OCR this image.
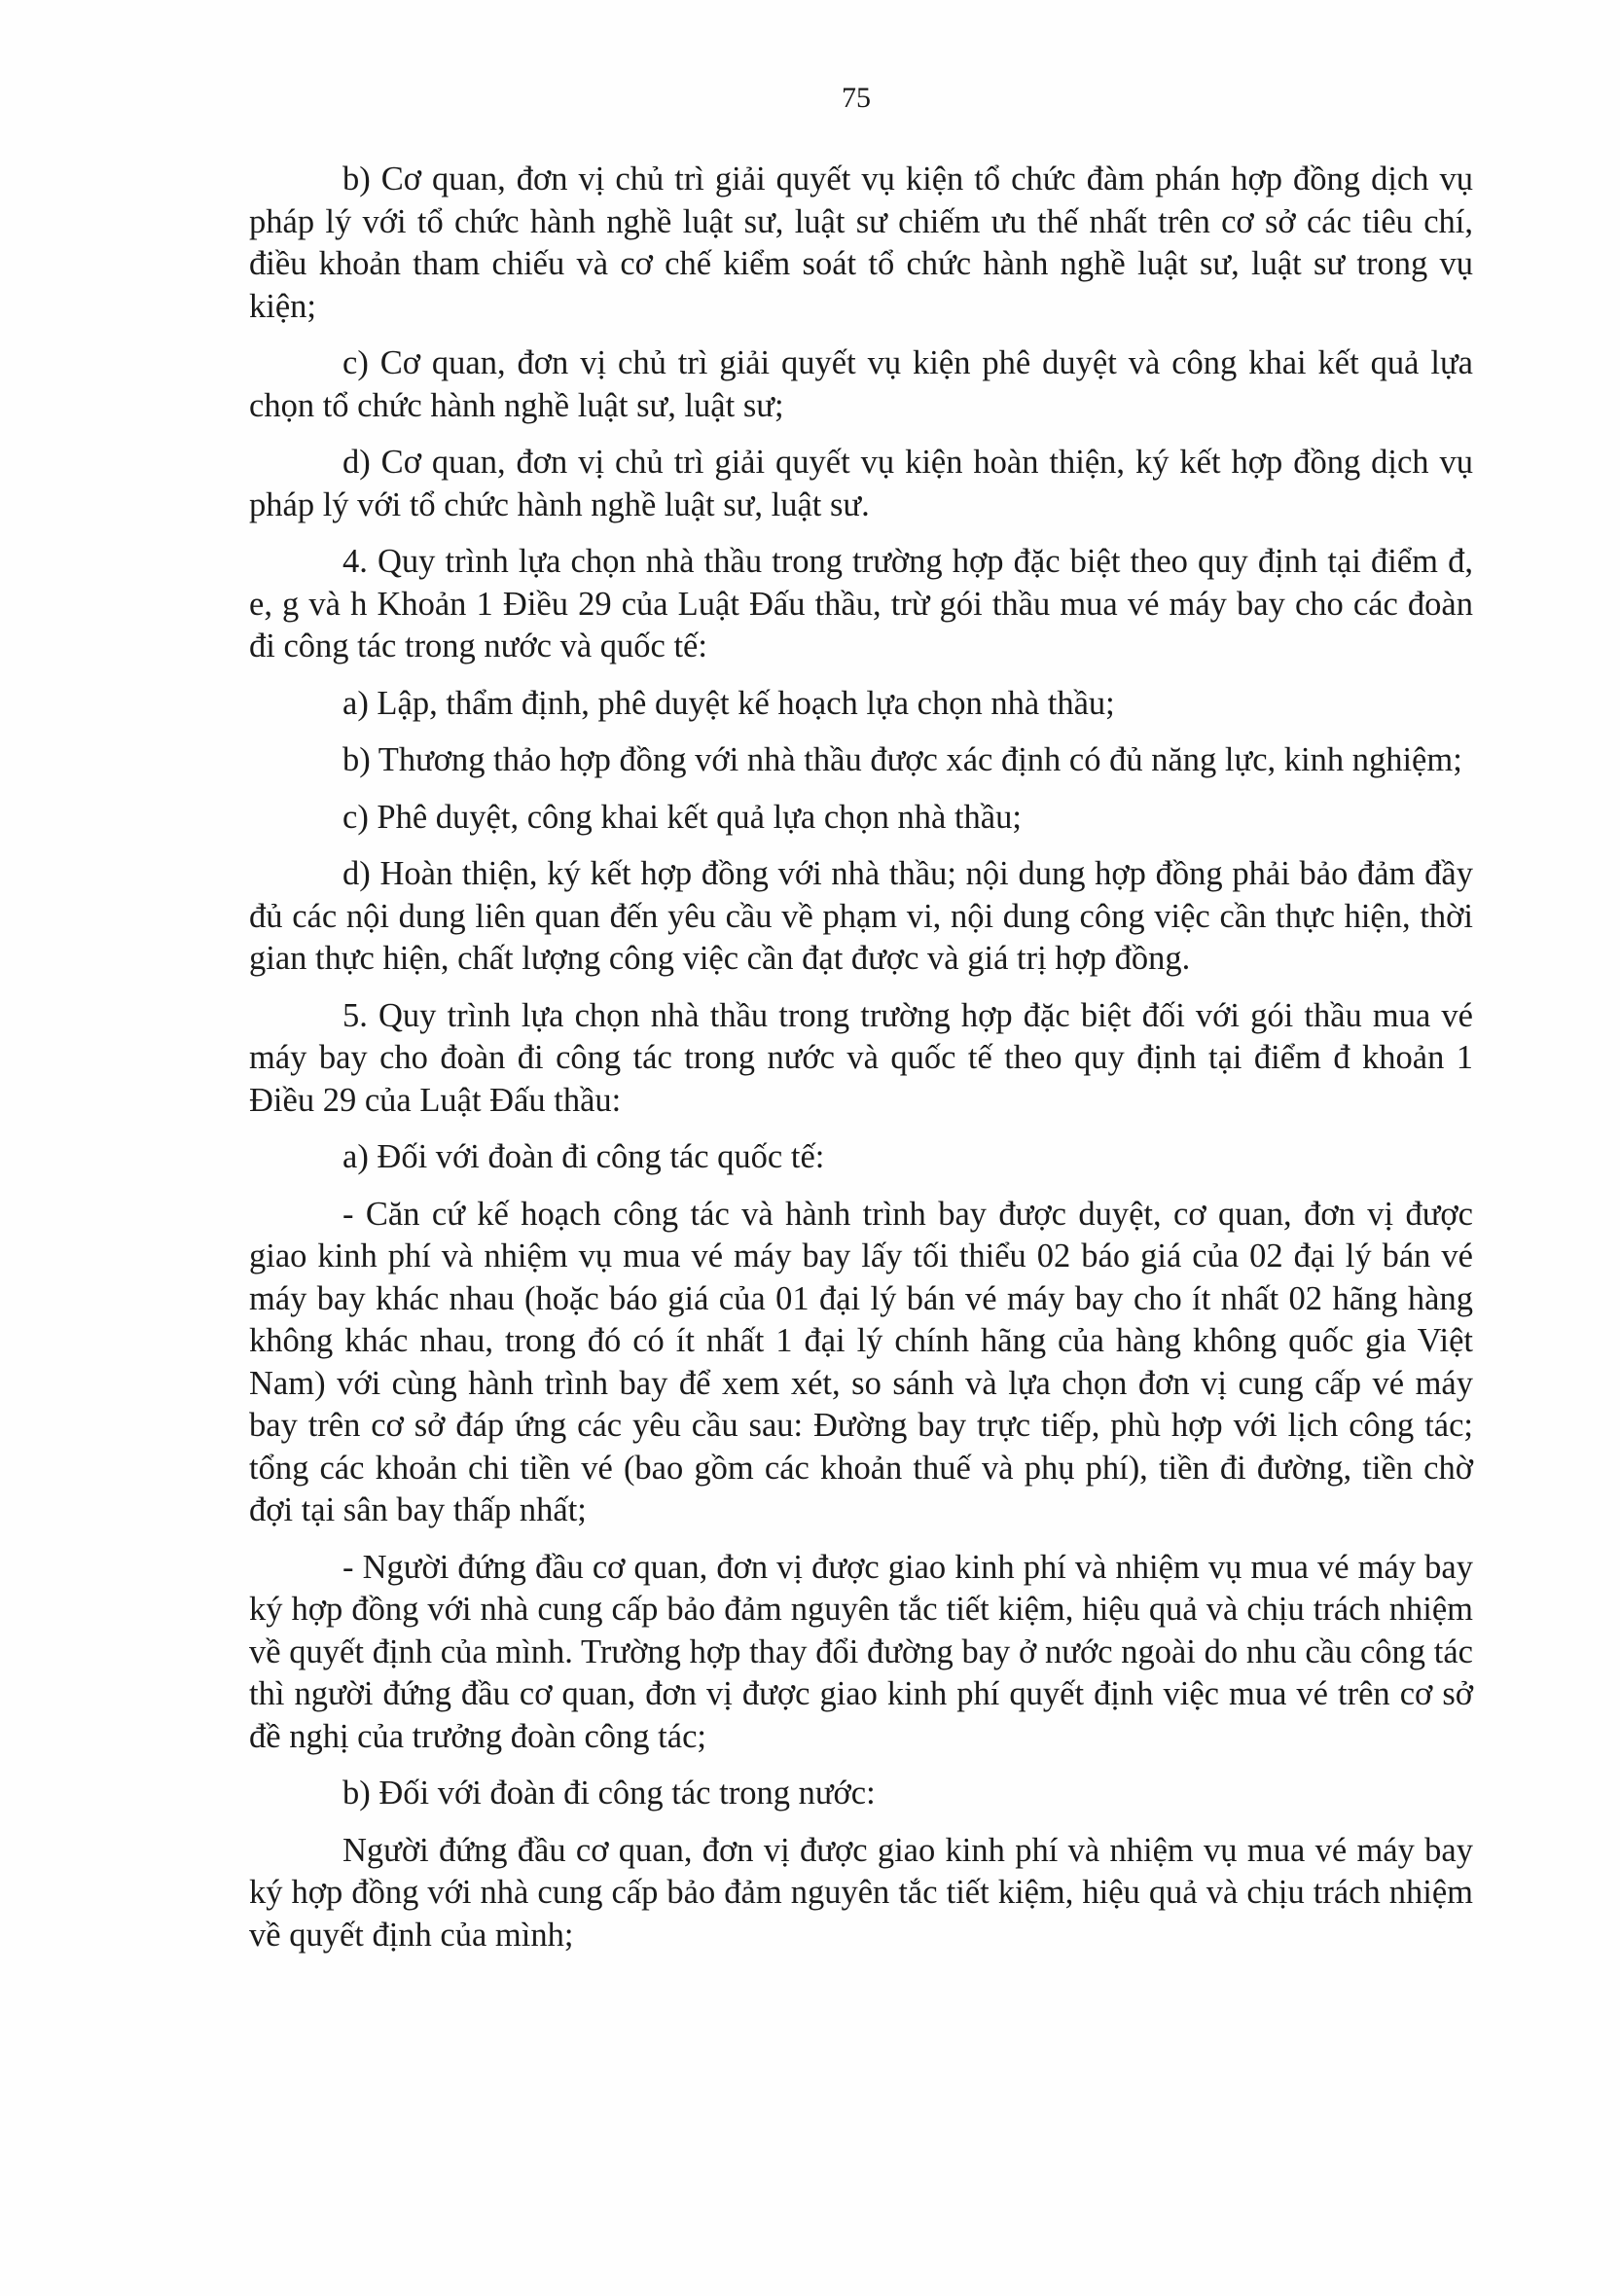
75

b) Cơ quan, đơn vị chủ trì giải quyết vụ kiện tổ chức đàm phán hợp đồng dịch vụ pháp lý với tổ chức hành nghề luật sư, luật sư chiếm ưu thế nhất trên cơ sở các tiêu chí, điều khoản tham chiếu và cơ chế kiểm soát tổ chức hành nghề luật sư, luật sư trong vụ kiện;

c) Cơ quan, đơn vị chủ trì giải quyết vụ kiện phê duyệt và công khai kết quả lựa chọn tổ chức hành nghề luật sư, luật sư;

d) Cơ quan, đơn vị chủ trì giải quyết vụ kiện hoàn thiện, ký kết hợp đồng dịch vụ pháp lý với tổ chức hành nghề luật sư, luật sư.

4. Quy trình lựa chọn nhà thầu trong trường hợp đặc biệt theo quy định tại điểm đ, e, g và h Khoản 1 Điều 29 của Luật Đấu thầu, trừ gói thầu mua vé máy bay cho các đoàn đi công tác trong nước và quốc tế:

a) Lập, thẩm định, phê duyệt kế hoạch lựa chọn nhà thầu;

b) Thương thảo hợp đồng với nhà thầu được xác định có đủ năng lực, kinh nghiệm;

c) Phê duyệt, công khai kết quả lựa chọn nhà thầu;

d) Hoàn thiện, ký kết hợp đồng với nhà thầu; nội dung hợp đồng phải bảo đảm đầy đủ các nội dung liên quan đến yêu cầu về phạm vi, nội dung công việc cần thực hiện, thời gian thực hiện, chất lượng công việc cần đạt được và giá trị hợp đồng.

5. Quy trình lựa chọn nhà thầu trong trường hợp đặc biệt đối với gói thầu mua vé máy bay cho đoàn đi công tác trong nước và quốc tế theo quy định tại điểm đ khoản 1 Điều 29 của Luật Đấu thầu:

a) Đối với đoàn đi công tác quốc tế:

- Căn cứ kế hoạch công tác và hành trình bay được duyệt, cơ quan, đơn vị được giao kinh phí và nhiệm vụ mua vé máy bay lấy tối thiểu 02 báo giá của 02 đại lý bán vé máy bay khác nhau (hoặc báo giá của 01 đại lý bán vé máy bay cho ít nhất 02 hãng hàng không khác nhau, trong đó có ít nhất 1 đại lý chính hãng của hàng không quốc gia Việt Nam) với cùng hành trình bay để xem xét, so sánh và lựa chọn đơn vị cung cấp vé máy bay trên cơ sở đáp ứng các yêu cầu sau: Đường bay trực tiếp, phù hợp với lịch công tác; tổng các khoản chi tiền vé (bao gồm các khoản thuế và phụ phí), tiền đi đường, tiền chờ đợi tại sân bay thấp nhất;

- Người đứng đầu cơ quan, đơn vị được giao kinh phí và nhiệm vụ mua vé máy bay ký hợp đồng với nhà cung cấp bảo đảm nguyên tắc tiết kiệm, hiệu quả và chịu trách nhiệm về quyết định của mình. Trường hợp thay đổi đường bay ở nước ngoài do nhu cầu công tác thì người đứng đầu cơ quan, đơn vị được giao kinh phí quyết định việc mua vé trên cơ sở đề nghị của trưởng đoàn công tác;

b) Đối với đoàn đi công tác trong nước:

Người đứng đầu cơ quan, đơn vị được giao kinh phí và nhiệm vụ mua vé máy bay ký hợp đồng với nhà cung cấp bảo đảm nguyên tắc tiết kiệm, hiệu quả và chịu trách nhiệm về quyết định của mình;
